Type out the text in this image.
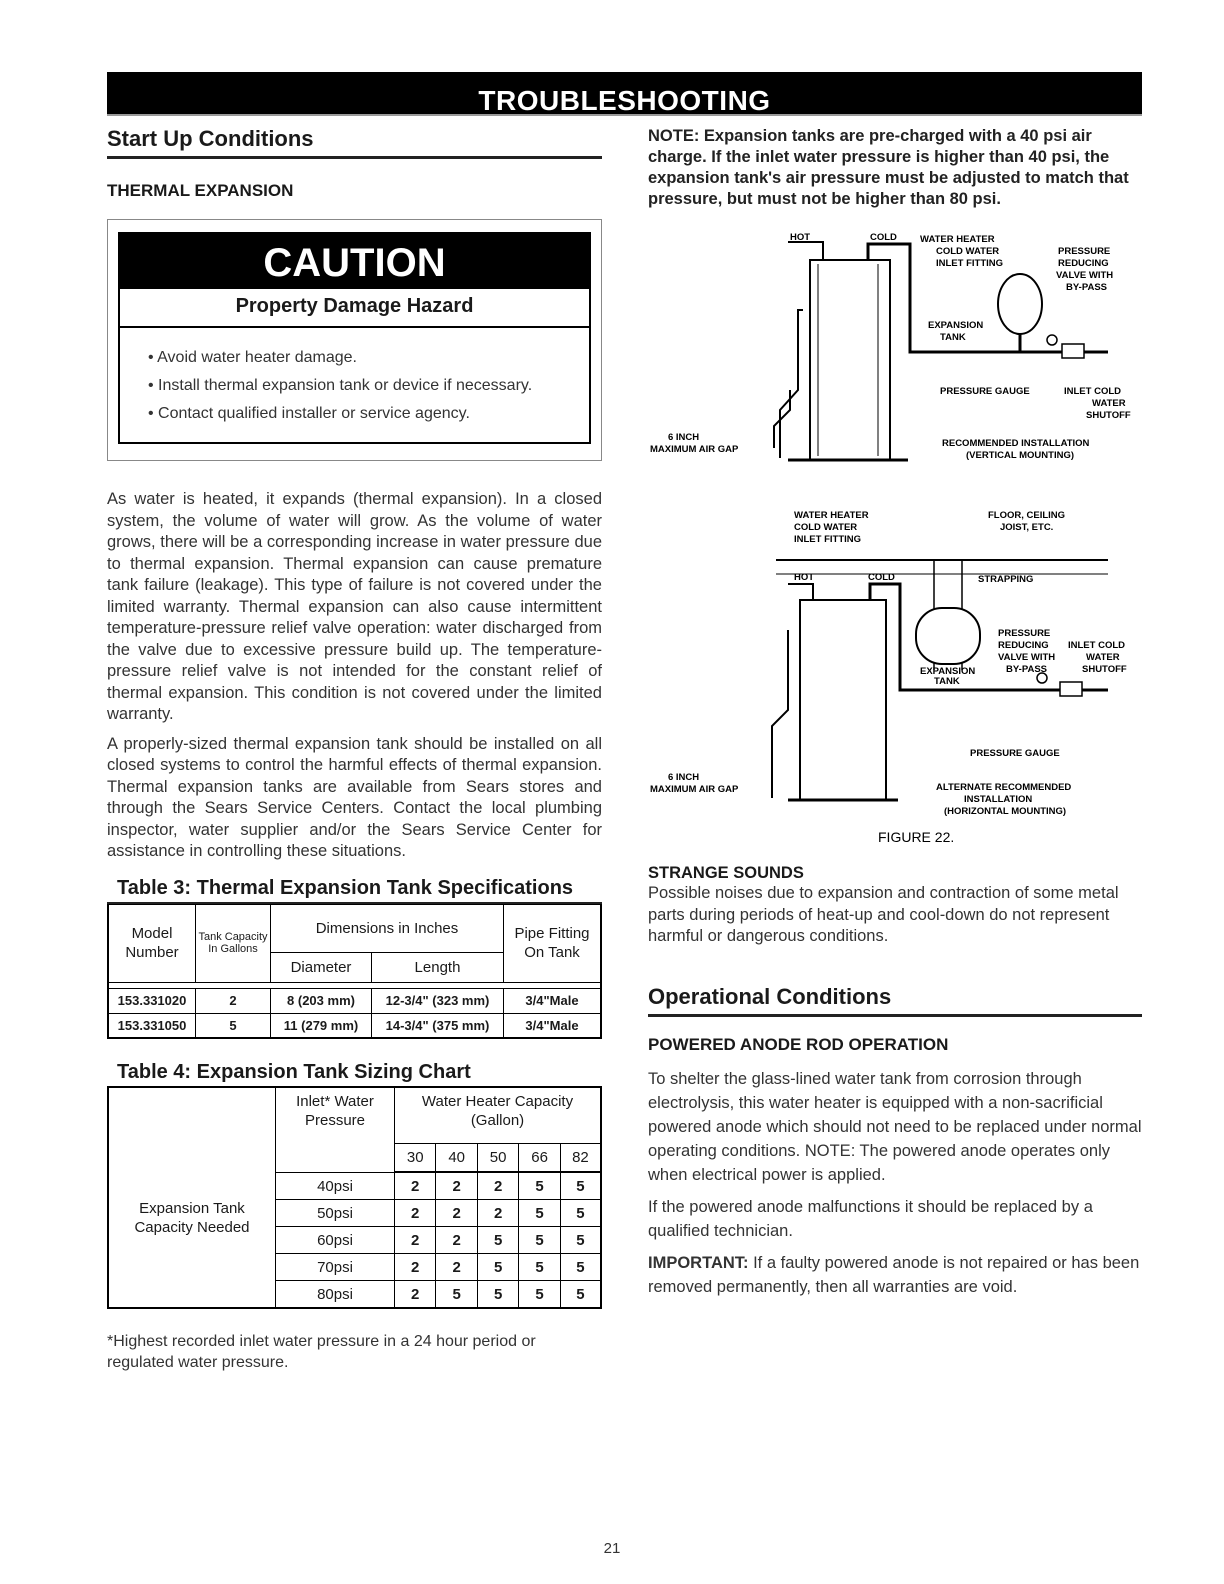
TROUBLESHOOTING
Start Up Conditions
THERMAL EXPANSION
CAUTION
Property Damage Hazard
• Avoid water heater damage.
• Install thermal expansion tank or device if necessary.
• Contact qualified installer or service agency.

As water is heated, it expands (thermal expansion). In a closed system, the volume of water will grow. As the volume of water grows, there will be a corresponding increase in water pressure due to thermal expansion. Thermal expansion can cause premature tank failure (leakage). This type of failure is not covered under the limited warranty. Thermal expansion can also cause intermittent temperature-pressure relief valve operation: water discharged from the valve due to excessive pressure build up. The temperature-pressure relief valve is not intended for the constant relief of thermal expansion. This condition is not covered under the limited warranty.

A properly-sized thermal expansion tank should be installed on all closed systems to control the harmful effects of thermal expansion. Thermal expansion tanks are available from Sears stores and through the Sears Service Centers. Contact the local plumbing inspector, water supplier and/or the Sears Service Center for assistance in controlling these situations.

Table 3: Thermal Expansion Tank Specifications
Model Number	Tank Capacity In Gallons	Dimensions in Inches		Pipe Fitting On Tank
		Diameter	Length	

153.331020	2	8 (203 mm)	12-3/4" (323 mm)	3/4"Male
153.331050	5	11 (279 mm)	14-3/4" (375 mm)	3/4"Male
Table 4: Expansion Tank Sizing Chart
Expansion Tank Capacity Needed	Inlet* Water Pressure	Water Heater Capacity (Gallon)				
		30	40	50	66	82
	40psi	2	2	2	5	5
	50psi	2	2	2	5	5
	60psi	2	2	5	5	5
	70psi	2	2	5	5	5
	80psi	2	5	5	5	5

*Highest recorded inlet water pressure in a 24 hour period or regulated water pressure.

NOTE: Expansion tanks are pre-charged with a 40 psi air charge. If the inlet water pressure is higher than 40 psi, the expansion tank's air pressure must be adjusted to match that pressure, but must not be higher than 80 psi.

HOT	COLD WATER HEATER
COLD WATER
INLET FITTING
PRESSURE
REDUCING
VALVE WITH
BY-PASS
EXPANSION
TANK
PRESSURE GAUGE	INLET COLD
WATER
SHUTOFF
6 INCH
MAXIMUM AIR GAP
RECOMMENDED INSTALLATION
(VERTICAL MOUNTING)
WATER HEATER
COLD WATER
INLET FITTING
FLOOR, CEILING
JOIST, ETC.
HOT	COLD	STRAPPING
PRESSURE
REDUCING
VALVE WITH
BY-PASS
INLET COLD
WATER
SHUTOFF
EXPANSION
TANK
PRESSURE GAUGE
6 INCH
MAXIMUM AIR GAP	ALTERNATE RECOMMENDED
INSTALLATION
(HORIZONTAL MOUNTING)
FIGURE 22.
STRANGE SOUNDS

Possible noises due to expansion and contraction of some metal parts during periods of heat-up and cool-down do not represent harmful or dangerous conditions.

Operational Conditions
POWERED ANODE ROD OPERATION

To shelter the glass-lined water tank from corrosion through electrolysis, this water heater is equipped with a non-sacrificial powered anode which should not need to be replaced under normal operating conditions. NOTE: The powered anode operates only when electrical power is applied.

If the powered anode malfunctions it should be replaced by a qualified technician.

IMPORTANT: If a faulty powered anode is not repaired or has been removed permanently, then all warranties are void.

21
